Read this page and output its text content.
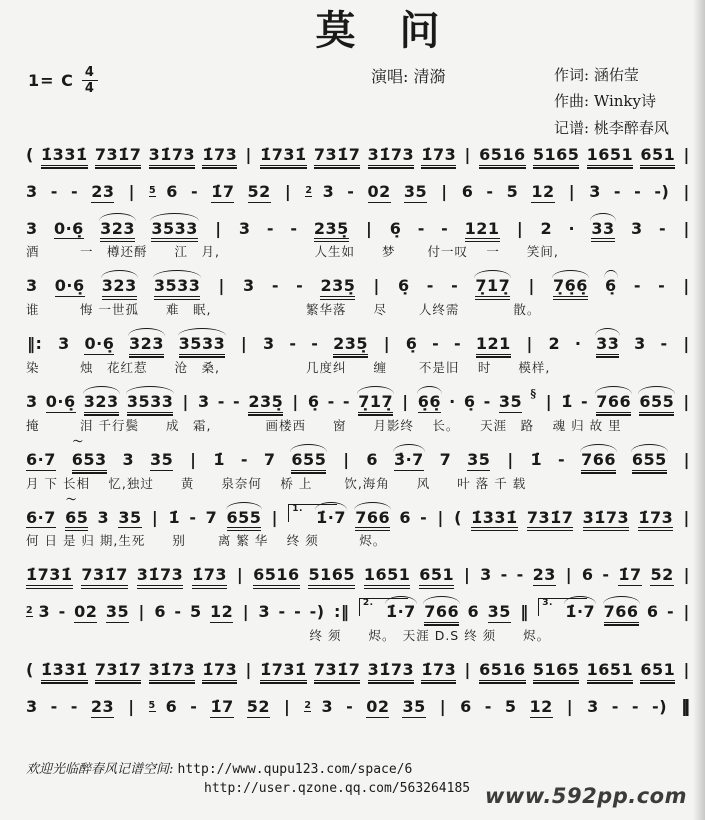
莫　问
1= C $\frac{4}{4}$	演唱: 清漪	作词: 涵佑莹
作曲: Winky诗
记谱: 桃李醉春风
( 1̇331̇ 731̇7 31̇73 1̇73 | 1̇731̇ 731̇7 31̇73 1̇73 | 6516 5165 1651 651 |
3 - - 23 | 5 6 - 1̇7 52 | 2 3 - 02 35 | 6 - 5 12 | 3 - - -) |
3 0·6̣ 323 3533 | 3 - - 235̣ | 6̣ - - 121 | 2 · 33 3 - |
酒　　　一　樽还酹　　江　月,　　　　　　　人生如　　梦　　 付一叹　 一　　笑间,
3 0·6̣ 323 3533 | 3 - - 235̣ | 6̣ - - 7̣17̣ | 7̣6̣6̣ 6̣ - - |
谁　　　悔 一世孤　　难　眠,　　　　　　　繁华落　　尽　　 人终需　　　　散。
‖: 3 0·6̣ 323 3533 | 3 - - 235̣ | 6̣ - - 121 | 2 · 33 3 - |
染　　　烛　花红惹　　沧　桑,　　　　　　 几度纠　　缠　　 不是旧　 时　　模样,
3 0·6̣ 323 3533 | 3 - - 235̣ | 6̣ - - 7̣17̣ | 6̣6̣ · 6̣ - 35 § | 1̇ - 766 655 |
掩　　　泪 千行鬓　　成　霜,　　　　画楼西　　窗　　月影终　 长。　　天涯　路　 魂 归 故 里
6·7 〜 653 3 35 | 1̇ - 7 655 | 6 3̇·7 7 35 | 1̇ - 766 655 |
月 下 长相　 忆,独过　　黄　　泉奈何　 桥 上　　 饮,海角　　风　　叶 落 千 载
6·7 〜 65 3 35 | 1̇ - 7 655 |	1. 1̇·7 766 6 - | ( 1̇331̇ 731̇7 31̇73 1̇73 |
何 日 是 归 期,生死　　别　　 离 繁 华　 终 须　　　烬。
1̇731̇ 731̇7 31̇73 1̇73 | 6516 5165 1651 651 | 3 - - 23 | 6 - 1̇7 52 |
2 3 - 02 35 | 6 - 5 12 | 3 - - -) :‖	2. 1̇·7 766 6 35 ‖	3. 1̇·7 766 6 - |
　　　　　　　　　　　　　　　　　　　　　终 须　　烬。　天涯 D.S 终 须　　烬。
( 1̇331̇ 731̇7 31̇73 1̇73 | 1̇731̇ 731̇7 31̇73 1̇73 | 6516 5165 1651 651 |
3 - - 23 | 5 6 - 1̇7 52 | 2 3 - 02 35 | 6 - 5 12 | 3 - - -) ‖
欢迎光临醉春风记谱空间: http://www.qupu123.com/space/6
http://user.qzone.qq.com/563264185 www.592pp.com
